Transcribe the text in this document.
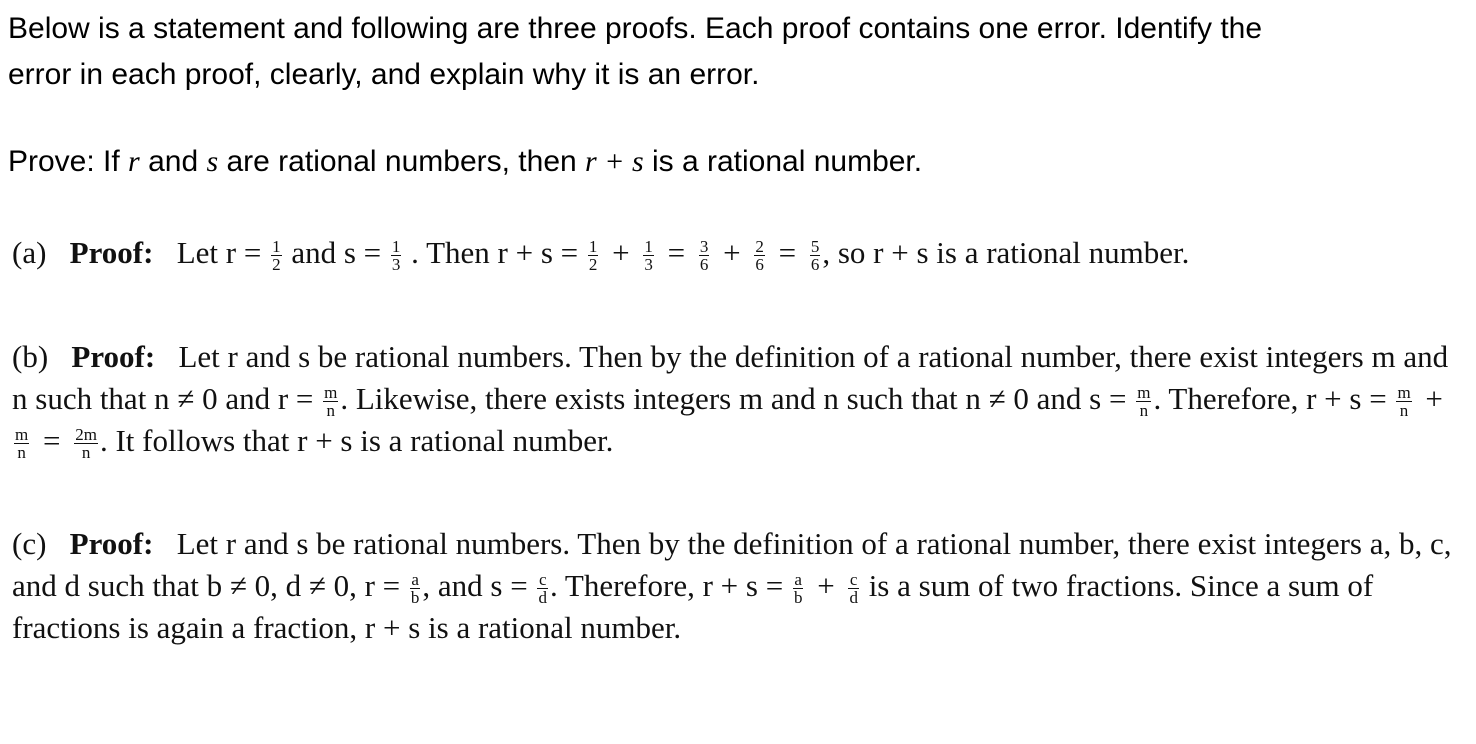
Below is a statement and following are three proofs. Each proof contains one error. Identify the
error in each proof, clearly, and explain why it is an error.
Prove: If r and s are rational numbers, then r + s is a rational number.
(a) Proof: Let $r = \frac{1}{2}$ and $s = \frac{1}{3}$ . Then $r + s = \frac{1}{2} + \frac{1}{3} = \frac{3}{6} + \frac{2}{6} = \frac{5}{6}$ , so r + s is a rational number.
(b) Proof: Let r and s be rational numbers. Then by the definition of a rational number, there exist integers m and n such that n ≠ 0 and $r = \frac{m}{n}$ . Likewise, there exists integers m and n such that n ≠ 0 and $s = \frac{m}{n}$ . Therefore, $r + s = \frac{m}{n}$ +
$\frac{m}{n} = \frac{2m}{n}$ . It follows that r + s is a rational number.
(c) Proof: Let r and s be rational numbers. Then by the definition of a rational number, there exist integers a, b, c, and d such that b ≠ 0, d ≠ 0, $r = \frac{a}{b}$ , and $s = \frac{c}{d}$ . Therefore, $r + s = \frac{a}{b} + \frac{c}{d}$ is a sum of two fractions. Since a sum of fractions is again a fraction, r + s is a rational number.
